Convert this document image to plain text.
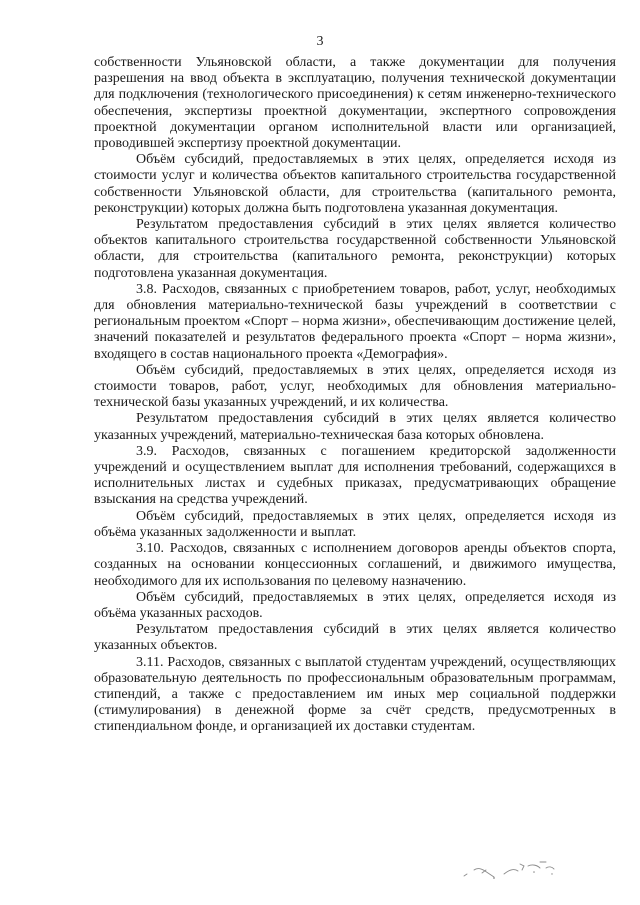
3

собственности Ульяновской области, а также документации для получения разрешения на ввод объекта в эксплуатацию, получения технической документации для подключения (технологического присоединения) к сетям инженерно-технического обеспечения, экспертизы проектной документации, экспертного сопровождения проектной документации органом исполнительной власти или организацией, проводившей экспертизу проектной документации.

Объём субсидий, предоставляемых в этих целях, определяется исходя из стоимости услуг и количества объектов капитального строительства государственной собственности Ульяновской области, для строительства (капитального ремонта, реконструкции) которых должна быть подготовлена указанная документация.

Результатом предоставления субсидий в этих целях является количество объектов капитального строительства государственной собственности Ульяновской области, для строительства (капитального ремонта, реконструкции) которых подготовлена указанная документация.

3.8. Расходов, связанных с приобретением товаров, работ, услуг, необходимых для обновления материально-технической базы учреждений в соответствии с региональным проектом «Спорт – норма жизни», обеспечивающим достижение целей, значений показателей и результатов федерального проекта «Спорт – норма жизни», входящего в состав национального проекта «Демография».

Объём субсидий, предоставляемых в этих целях, определяется исходя из стоимости товаров, работ, услуг, необходимых для обновления материально-технической базы указанных учреждений, и их количества.

Результатом предоставления субсидий в этих целях является количество указанных учреждений, материально-техническая база которых обновлена.

3.9. Расходов, связанных с погашением кредиторской задолженности учреждений и осуществлением выплат для исполнения требований, содержащихся в исполнительных листах и судебных приказах, предусматривающих обращение взыскания на средства учреждений.

Объём субсидий, предоставляемых в этих целях, определяется исходя из объёма указанных задолженности и выплат.

3.10. Расходов, связанных с исполнением договоров аренды объектов спорта, созданных на основании концессионных соглашений, и движимого имущества, необходимого для их использования по целевому назначению.

Объём субсидий, предоставляемых в этих целях, определяется исходя из объёма указанных расходов.

Результатом предоставления субсидий в этих целях является количество указанных объектов.

3.11. Расходов, связанных с выплатой студентам учреждений, осуществляющих образовательную деятельность по профессиональным образовательным программам, стипендий, а также с предоставлением им иных мер социальной поддержки (стимулирования) в денежной форме за счёт средств, предусмотренных в стипендиальном фонде, и организацией их доставки студентам.
